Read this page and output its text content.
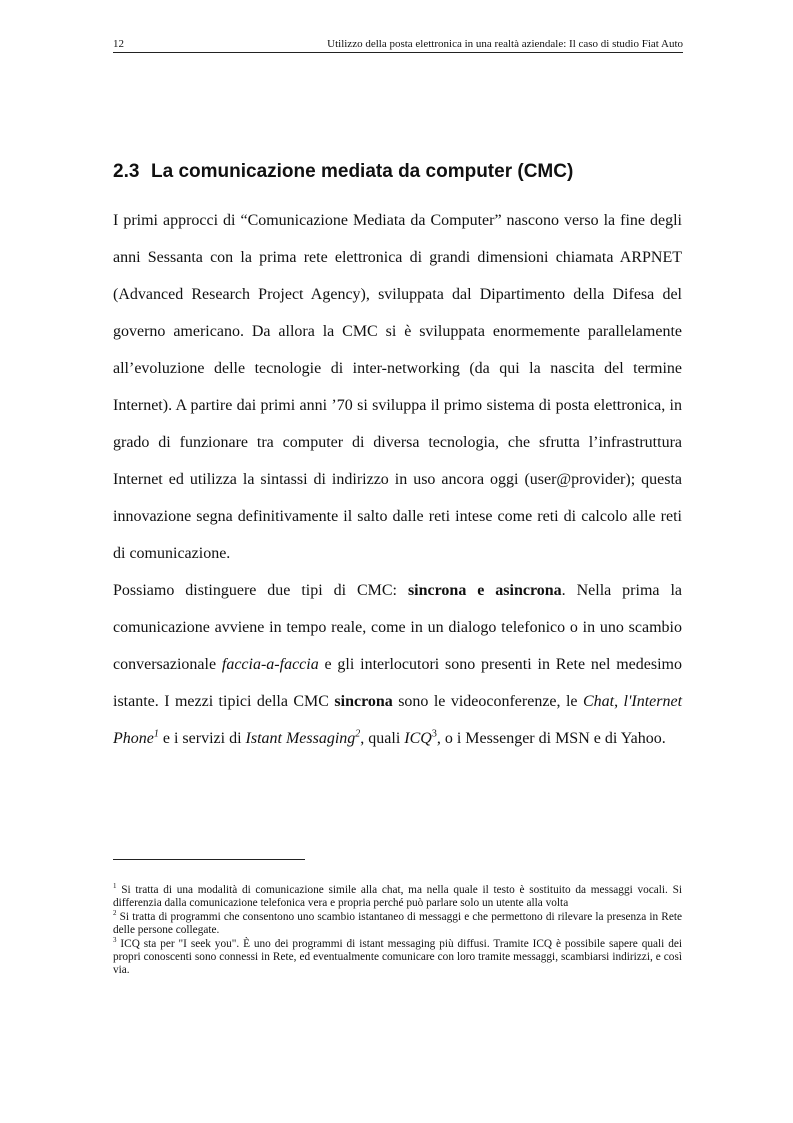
12	Utilizzo della posta elettronica in una realtà aziendale: Il caso di studio Fiat Auto
2.3 La comunicazione mediata da computer (CMC)

I primi approcci di “Comunicazione Mediata da Computer” nascono verso la fine degli anni Sessanta con la prima rete elettronica di grandi dimensioni chiamata ARPNET (Advanced Research Project Agency), sviluppata dal Dipartimento della Difesa del governo americano. Da allora la CMC si è sviluppata enormemente parallelamente all’evoluzione delle tecnologie di inter-networking (da qui la nascita del termine Internet). A partire dai primi anni ’70 si sviluppa il primo sistema di posta elettronica, in grado di funzionare tra computer di diversa tecnologia, che sfrutta l’infrastruttura Internet ed utilizza la sintassi di indirizzo in uso ancora oggi (user@provider); questa innovazione segna definitivamente il salto dalle reti intese come reti di calcolo alle reti di comunicazione.

Possiamo distinguere due tipi di CMC: sincrona e asincrona. Nella prima la comunicazione avviene in tempo reale, come in un dialogo telefonico o in uno scambio conversazionale faccia-a-faccia e gli interlocutori sono presenti in Rete nel medesimo istante. I mezzi tipici della CMC sincrona sono le videoconferenze, le Chat, l'Internet Phone$^1$ e i servizi di Istant Messaging$^2$, quali ICQ$^3$, o i Messenger di MSN e di Yahoo.

$^1$ Si tratta di una modalità di comunicazione simile alla chat, ma nella quale il testo è sostituito da messaggi vocali. Si differenzia dalla comunicazione telefonica vera e propria perché può parlare solo un utente alla volta

$^2$ Si tratta di programmi che consentono uno scambio istantaneo di messaggi e che permettono di rilevare la presenza in Rete delle persone collegate.

$^3$ ICQ sta per "I seek you". È uno dei programmi di istant messaging più diffusi. Tramite ICQ è possibile sapere quali dei propri conoscenti sono connessi in Rete, ed eventualmente comunicare con loro tramite messaggi, scambiarsi indirizzi, e così via.
